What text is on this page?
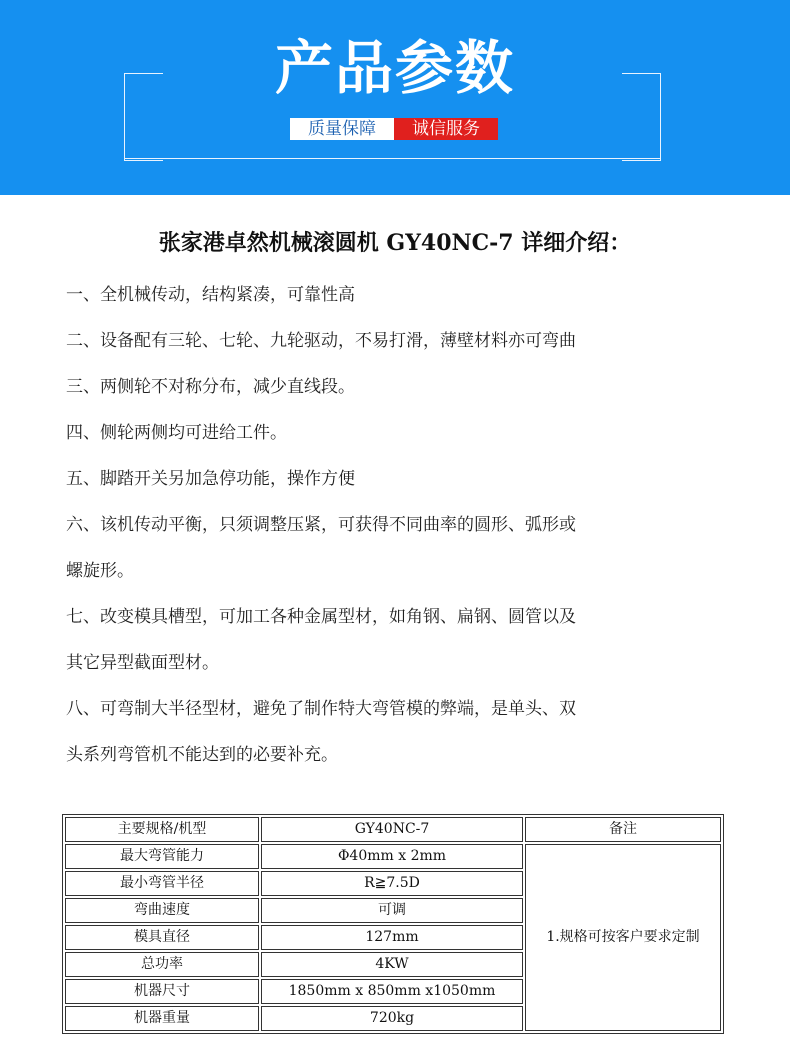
产品参数
质量保障	诚信服务
张家港卓然机械滚圆机 GY40NC-7 详细介绍：
一、全机械传动，结构紧凑，可靠性高
二、设备配有三轮、七轮、九轮驱动，不易打滑，薄壁材料亦可弯曲
三、两侧轮不对称分布，减少直线段。
四、侧轮两侧均可进给工件。
五、脚踏开关另加急停功能，操作方便
六、该机传动平衡，只须调整压紧，可获得不同曲率的圆形、弧形或
螺旋形。
七、改变模具槽型，可加工各种金属型材，如角钢、扁钢、圆管以及
其它异型截面型材。
八、可弯制大半径型材，避免了制作特大弯管模的弊端，是单头、双
头系列弯管机不能达到的必要补充。
主要规格/机型	GY40NC-7	备注
最大弯管能力	Φ40mm x 2mm	1.规格可按客户要求定制
最小弯管半径	R≧7.5D	
弯曲速度	可调	
模具直径	127mm	
总功率	4KW	
机器尺寸	1850mm x 850mm x1050mm	
机器重量	720kg	
